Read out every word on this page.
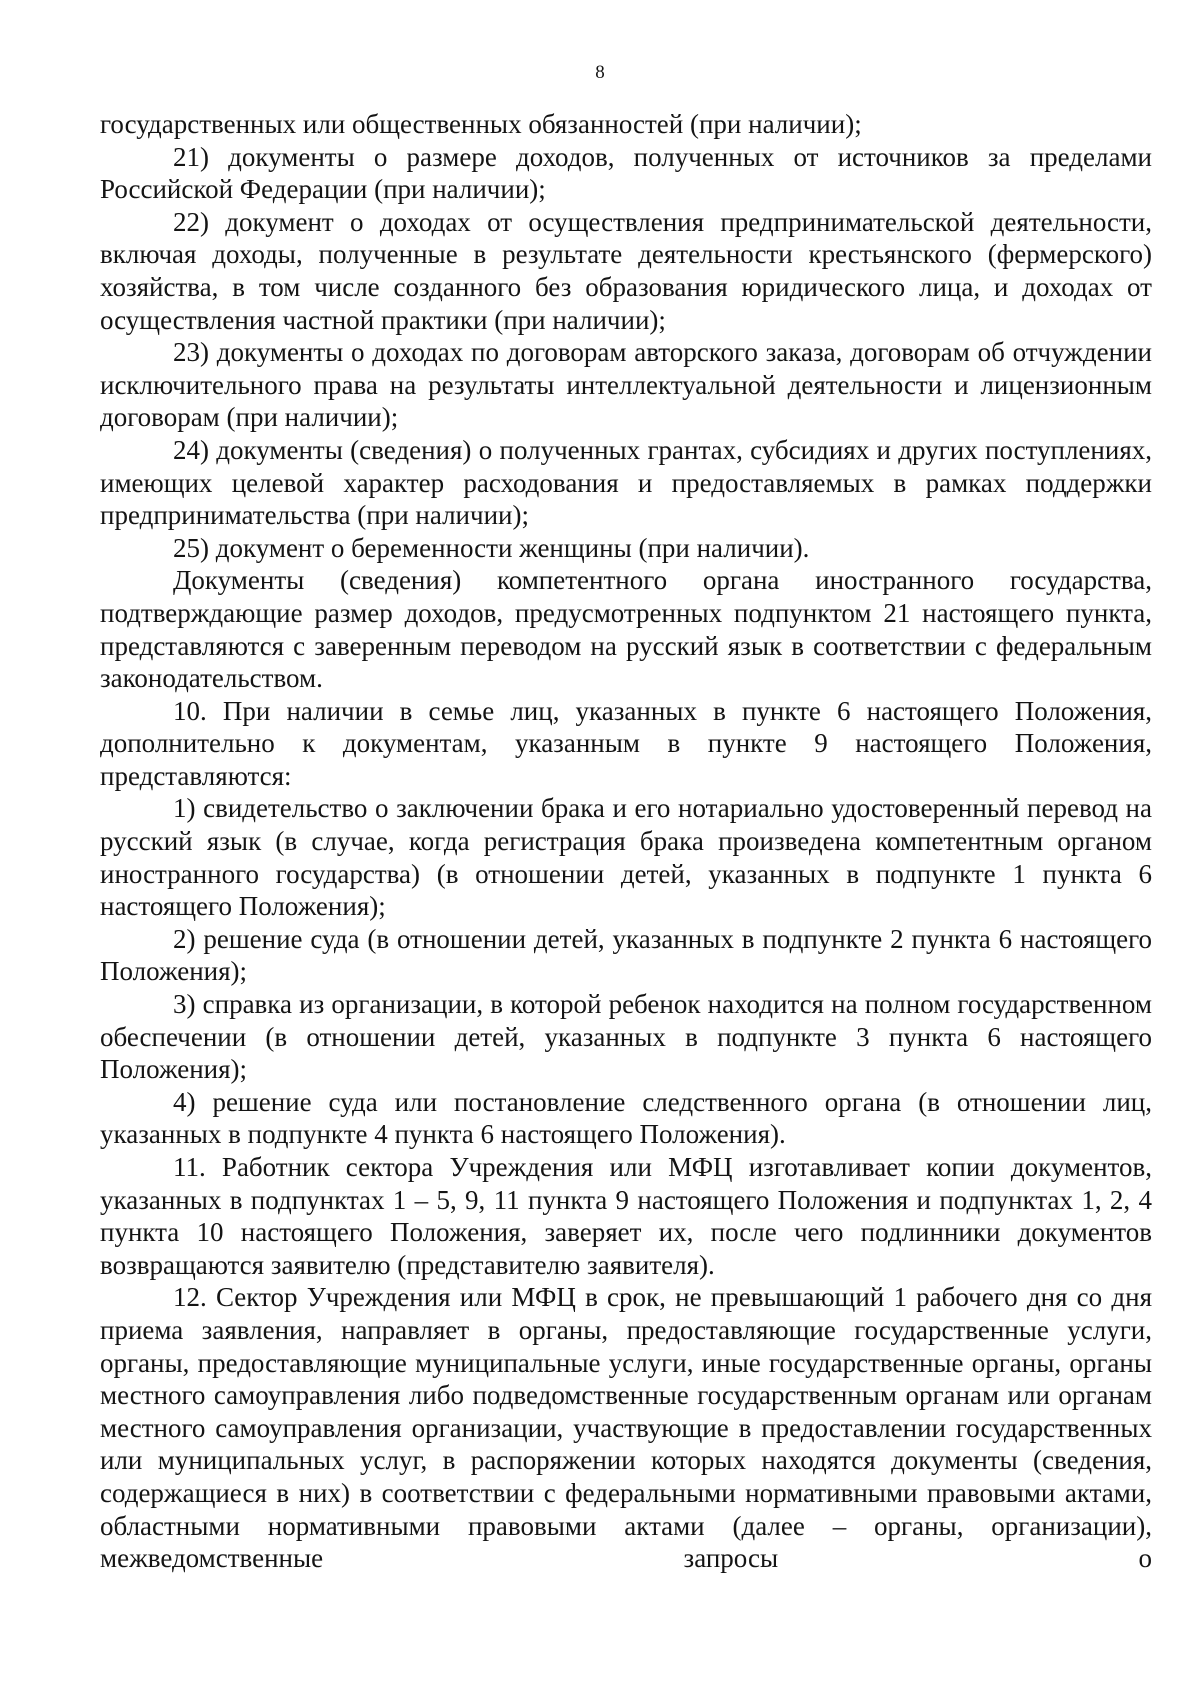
8

государственных или общественных обязанностей (при наличии);

21) документы о размере доходов, полученных от источников за пределами Российской Федерации (при наличии);

22) документ о доходах от осуществления предпринимательской деятельности, включая доходы, полученные в результате деятельности крестьянского (фермерского) хозяйства, в том числе созданного без образования юридического лица, и доходах от осуществления частной практики (при наличии);

23) документы о доходах по договорам авторского заказа, договорам об отчуждении исключительного права на результаты интеллектуальной деятельности и лицензионным договорам (при наличии);

24) документы (сведения) о полученных грантах, субсидиях и других поступлениях, имеющих целевой характер расходования и предоставляемых в рамках поддержки предпринимательства (при наличии);

25) документ о беременности женщины (при наличии).

Документы (сведения) компетентного органа иностранного государства, подтверждающие размер доходов, предусмотренных подпунктом 21 настоящего пункта, представляются с заверенным переводом на русский язык в соответствии с федеральным законодательством.

10. При наличии в семье лиц, указанных в пункте 6 настоящего Положения, дополнительно к документам, указанным в пункте 9 настоящего Положения, представляются:

1) свидетельство о заключении брака и его нотариально удостоверенный перевод на русский язык (в случае, когда регистрация брака произведена компетентным органом иностранного государства) (в отношении детей, указанных в подпункте 1 пункта 6 настоящего Положения);

2) решение суда (в отношении детей, указанных в подпункте 2 пункта 6 настоящего Положения);

3) справка из организации, в которой ребенок находится на полном государственном обеспечении (в отношении детей, указанных в подпункте 3 пункта 6 настоящего Положения);

4) решение суда или постановление следственного органа (в отношении лиц, указанных в подпункте 4 пункта 6 настоящего Положения).

11. Работник сектора Учреждения или МФЦ изготавливает копии документов, указанных в подпунктах 1 – 5, 9, 11 пункта 9 настоящего Положения и подпунктах 1, 2, 4 пункта 10 настоящего Положения, заверяет их, после чего подлинники документов возвращаются заявителю (представителю заявителя).

12. Сектор Учреждения или МФЦ в срок, не превышающий 1 рабочего дня со дня приема заявления, направляет в органы, предоставляющие государственные услуги, органы, предоставляющие муниципальные услуги, иные государственные органы, органы местного самоуправления либо подведомственные государственным органам или органам местного самоуправления организации, участвующие в предоставлении государственных или муниципальных услуг, в распоряжении которых находятся документы (сведения, содержащиеся в них) в соответствии с федеральными нормативными правовыми актами, областными нормативными правовыми актами (далее – органы, организации), межведомственные запросы о
